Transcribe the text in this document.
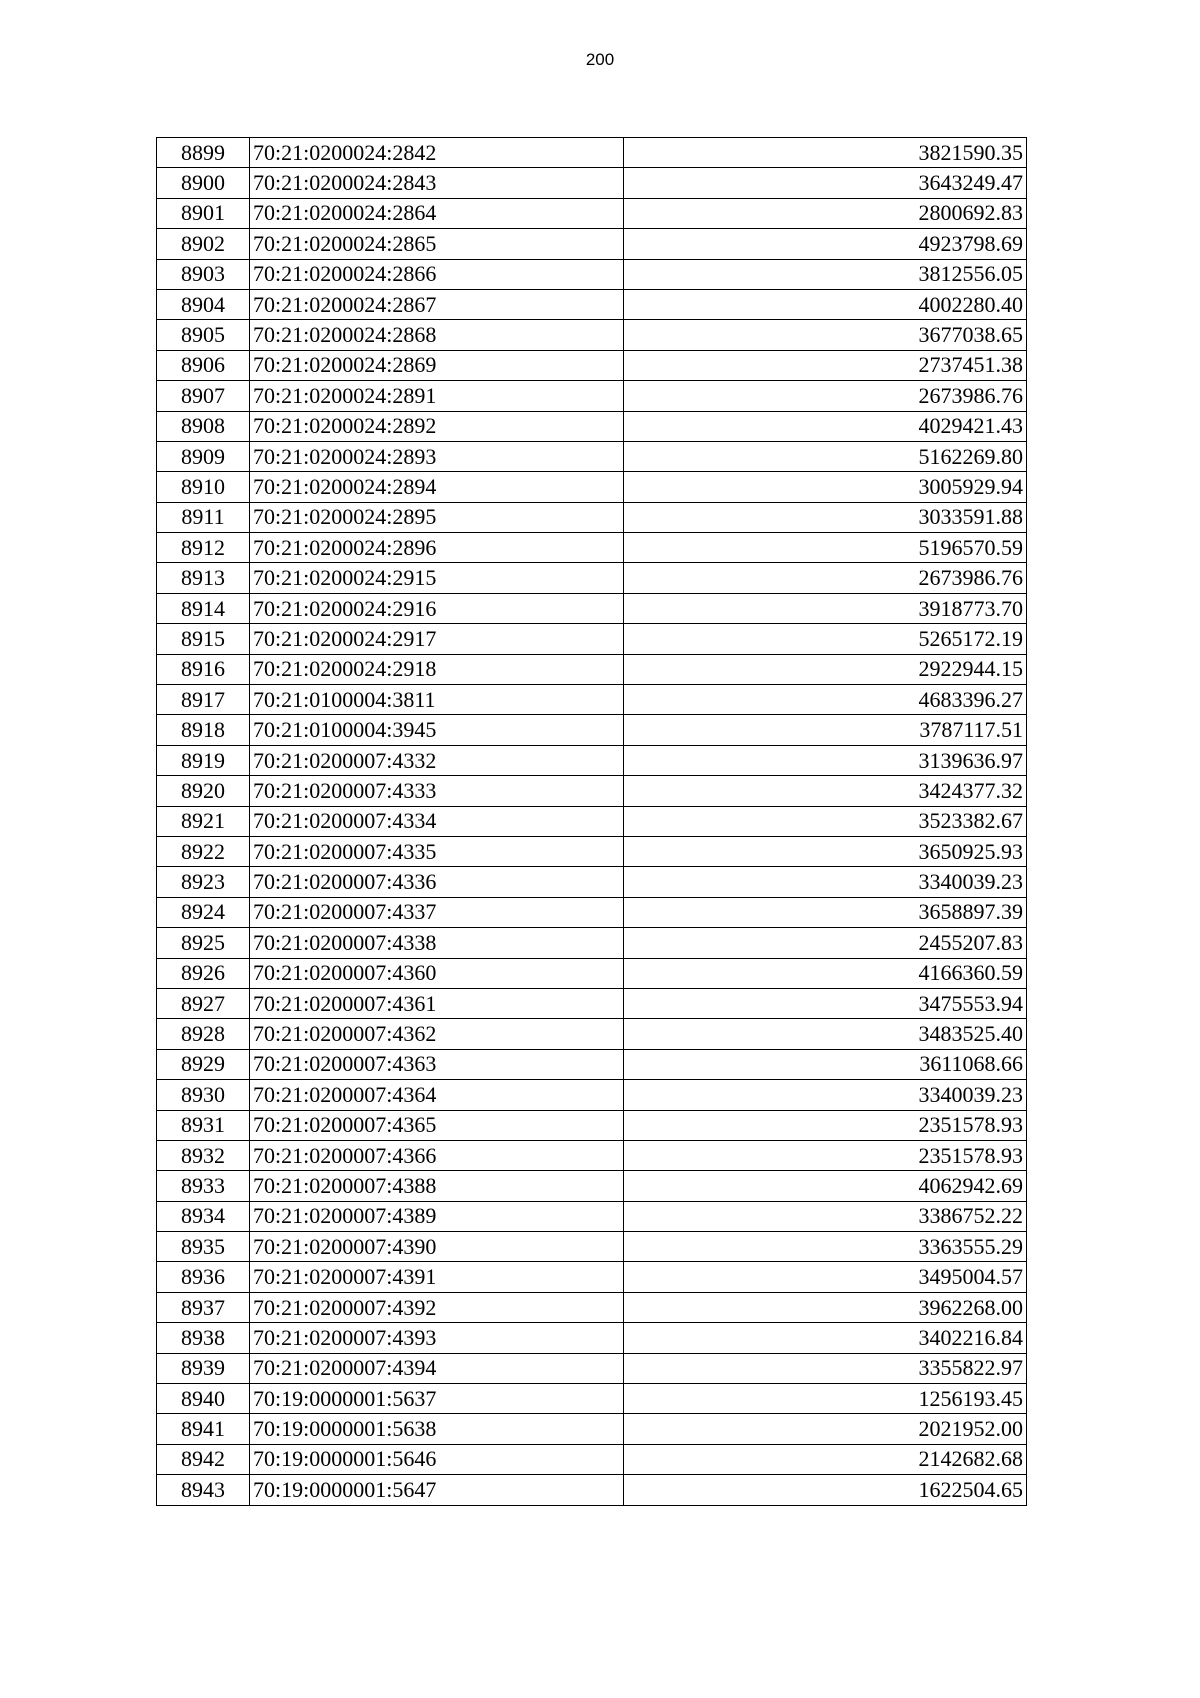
200
8899	70:21:0200024:2842	3821590.35
8900	70:21:0200024:2843	3643249.47
8901	70:21:0200024:2864	2800692.83
8902	70:21:0200024:2865	4923798.69
8903	70:21:0200024:2866	3812556.05
8904	70:21:0200024:2867	4002280.40
8905	70:21:0200024:2868	3677038.65
8906	70:21:0200024:2869	2737451.38
8907	70:21:0200024:2891	2673986.76
8908	70:21:0200024:2892	4029421.43
8909	70:21:0200024:2893	5162269.80
8910	70:21:0200024:2894	3005929.94
8911	70:21:0200024:2895	3033591.88
8912	70:21:0200024:2896	5196570.59
8913	70:21:0200024:2915	2673986.76
8914	70:21:0200024:2916	3918773.70
8915	70:21:0200024:2917	5265172.19
8916	70:21:0200024:2918	2922944.15
8917	70:21:0100004:3811	4683396.27
8918	70:21:0100004:3945	3787117.51
8919	70:21:0200007:4332	3139636.97
8920	70:21:0200007:4333	3424377.32
8921	70:21:0200007:4334	3523382.67
8922	70:21:0200007:4335	3650925.93
8923	70:21:0200007:4336	3340039.23
8924	70:21:0200007:4337	3658897.39
8925	70:21:0200007:4338	2455207.83
8926	70:21:0200007:4360	4166360.59
8927	70:21:0200007:4361	3475553.94
8928	70:21:0200007:4362	3483525.40
8929	70:21:0200007:4363	3611068.66
8930	70:21:0200007:4364	3340039.23
8931	70:21:0200007:4365	2351578.93
8932	70:21:0200007:4366	2351578.93
8933	70:21:0200007:4388	4062942.69
8934	70:21:0200007:4389	3386752.22
8935	70:21:0200007:4390	3363555.29
8936	70:21:0200007:4391	3495004.57
8937	70:21:0200007:4392	3962268.00
8938	70:21:0200007:4393	3402216.84
8939	70:21:0200007:4394	3355822.97
8940	70:19:0000001:5637	1256193.45
8941	70:19:0000001:5638	2021952.00
8942	70:19:0000001:5646	2142682.68
8943	70:19:0000001:5647	1622504.65
